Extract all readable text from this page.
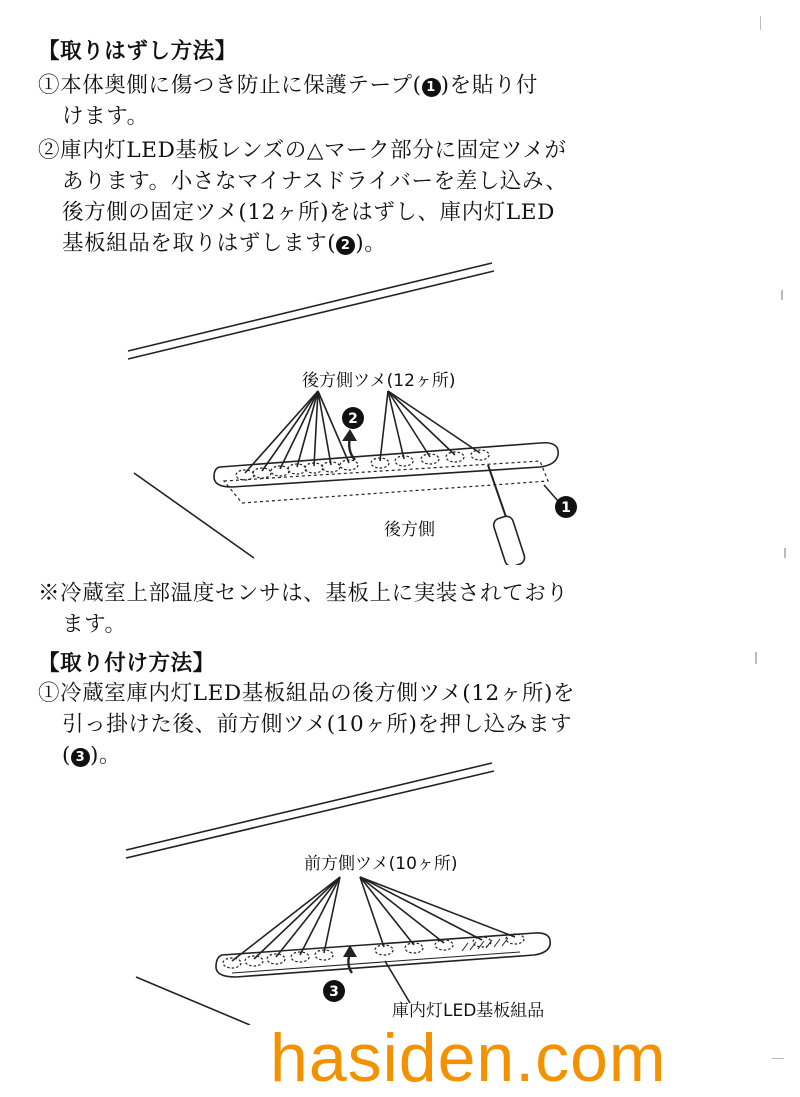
【取りはずし方法】
①本体奥側に傷つき防止に保護テープ( 1 )を貼り付
けます。
②庫内灯LED基板レンズの△マーク部分に固定ツメが
あります。小さなマイナスドライバーを差し込み、
後方側の固定ツメ(12ヶ所)をはずし、庫内灯LED
基板組品を取りはずします( 2 )。
2
1
後方側ツメ(12ヶ所)
後方側
※冷蔵室上部温度センサは、基板上に実装されており
ます。
【取り付け方法】
①冷蔵室庫内灯LED基板組品の後方側ツメ(12ヶ所)を
引っ掛けた後、前方側ツメ(10ヶ所)を押し込みます
( 3 )。
3
前方側ツメ(10ヶ所)
庫内灯LED基板組品
hasiden.com
